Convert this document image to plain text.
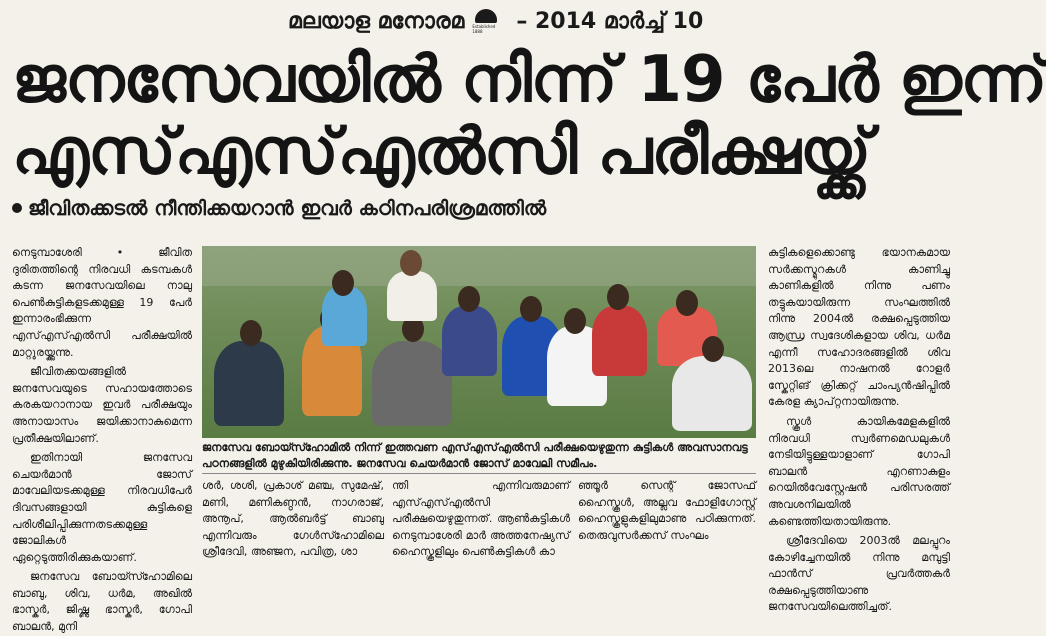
മലയാള മനോരമ Established 1888	– 2014 മാർച്ച് 10
ജനസേവയിൽ നിന്ന് 19 പേർ ഇന്ന്
എസ്എസ്എൽസി പരീക്ഷയ്ക്ക്
ജീവിതക്കടൽ നീന്തിക്കയറാൻ ഇവർ കഠിനപരിശ്രമത്തിൽ

നെടുമ്പാശേരി • ജീവിത ദുരിതത്തിന്റെ നിരവധി കടമ്പകൾ കടന്ന ജനസേവയിലെ നാലു പെൺകുട്ടികളടക്കമുള്ള 19 പേർ ഇന്നാരംഭിക്കുന്ന എസ്എസ്എൽസി പരീക്ഷയിൽ മാറ്റുരയ്ക്കുന്നു.

ജീവിതക്കയങ്ങളിൽ ജനസേവയുടെ സഹായത്തോടെ കരകയറാനായ ഇവർ പരീക്ഷയും അനായാസം ജയിക്കാനാകുമെന്ന പ്രതീക്ഷയിലാണ്.

ഇതിനായി ജനസേവ ചെയർമാൻ ജോസ് മാവേലിയടക്കമുള്ള നിരവധിപേർ ദിവസങ്ങളായി കുട്ടികളെ പരിശീലിപ്പിക്കുന്നതടക്കമുള്ള ജോലികൾ ഏറ്റെടുത്തിരിക്കുകയാണ്.

ജനസേവ ബോയ്സ്ഹോമിലെ ബാബു, ശിവ, ധർമ, അഖിൽ ഭാസ്കർ, ജിഷ്ണു ഭാസ്കർ, ഗോപി ബാലൻ, മുനി

ജനസേവ ബോയ്സ്ഹോമിൽ നിന്ന് ഇത്തവണ എസ്എസ്എൽസി പരീക്ഷയെഴുതുന്ന കുട്ടികൾ അവസാനവട്ട പഠനങ്ങളിൽ മുഴുകിയിരിക്കുന്നു. ജനസേവ ചെയർമാൻ ജോസ് മാവേലി സമീപം.

ശർ, ശശി, പ്രകാശ് മഞ്ച, സുമേഷ്, മണി, മണികണ്ഠൻ, നാഗരാജ്, അനൂപ്, ആൽബർട്ട് ബാബു എന്നിവരും ഗേൾസ്ഹോമിലെ ശ്രീദേവി, അഞ്ജന, പവിത്ര, ശാ

ന്തി എന്നിവരുമാണ് എസ്എസ്എൽസി പരീക്ഷയെഴുതുന്നത്. ആൺകുട്ടികൾ നെടുമ്പാശേരി മാർ അത്തനേഷ്യസ് ഹൈസ്കൂളിലും പെൺകുട്ടികൾ കാ

ഞ്ഞൂർ സെന്റ് ജോസഫ് ഹൈസ്കൂൾ, അല്ലവ ഫോളിഗോസ്റ്റ് ഹൈസ്കൂളുകളിലുമാണു പഠിക്കുന്നത്. തെരുവുസർക്കസ് സംഘം

കുട്ടികളെക്കൊണ്ടു ഭയാനകമായ സർക്കസ്മുറകൾ കാണിച്ചു കാണികളിൽ നിന്നു പണം തട്ടുകയായിരുന്ന സംഘത്തിൽ നിന്നു 2004ൽ രക്ഷപ്പെടുത്തിയ ആന്ധ്ര സ്വദേശികളായ ശിവ, ധർമ എന്നീ സഹോദരങ്ങളിൽ ശിവ 2013ലെ നാഷനൽ റോളർ സ്കേറ്റിങ് ക്രിക്കറ്റ് ചാംപ്യൻഷിപ്പിൽ കേരള ക്യാപ്റ്റനായിരുന്നു.

സ്കൂൾ കായികമേളകളിൽ നിരവധി സ്വർണമെഡലുകൾ നേടിയിട്ടുള്ളയാളാണ് ഗോപി ബാലൻ എറണാകുളം റെയിൽവേസ്റ്റേഷൻ പരിസരത്ത് അവശനിലയിൽ കണ്ടെത്തിയതായിരുന്നു.

ശ്രീദേവിയെ 2003ൽ മലപ്പുറം കോഴിച്ചേനയിൽ നിന്നു മമ്പുട്ടി ഫാൻസ് പ്രവർത്തകർ രക്ഷപ്പെടുത്തിയാണു ജനസേവയിലെത്തിച്ചത്.
